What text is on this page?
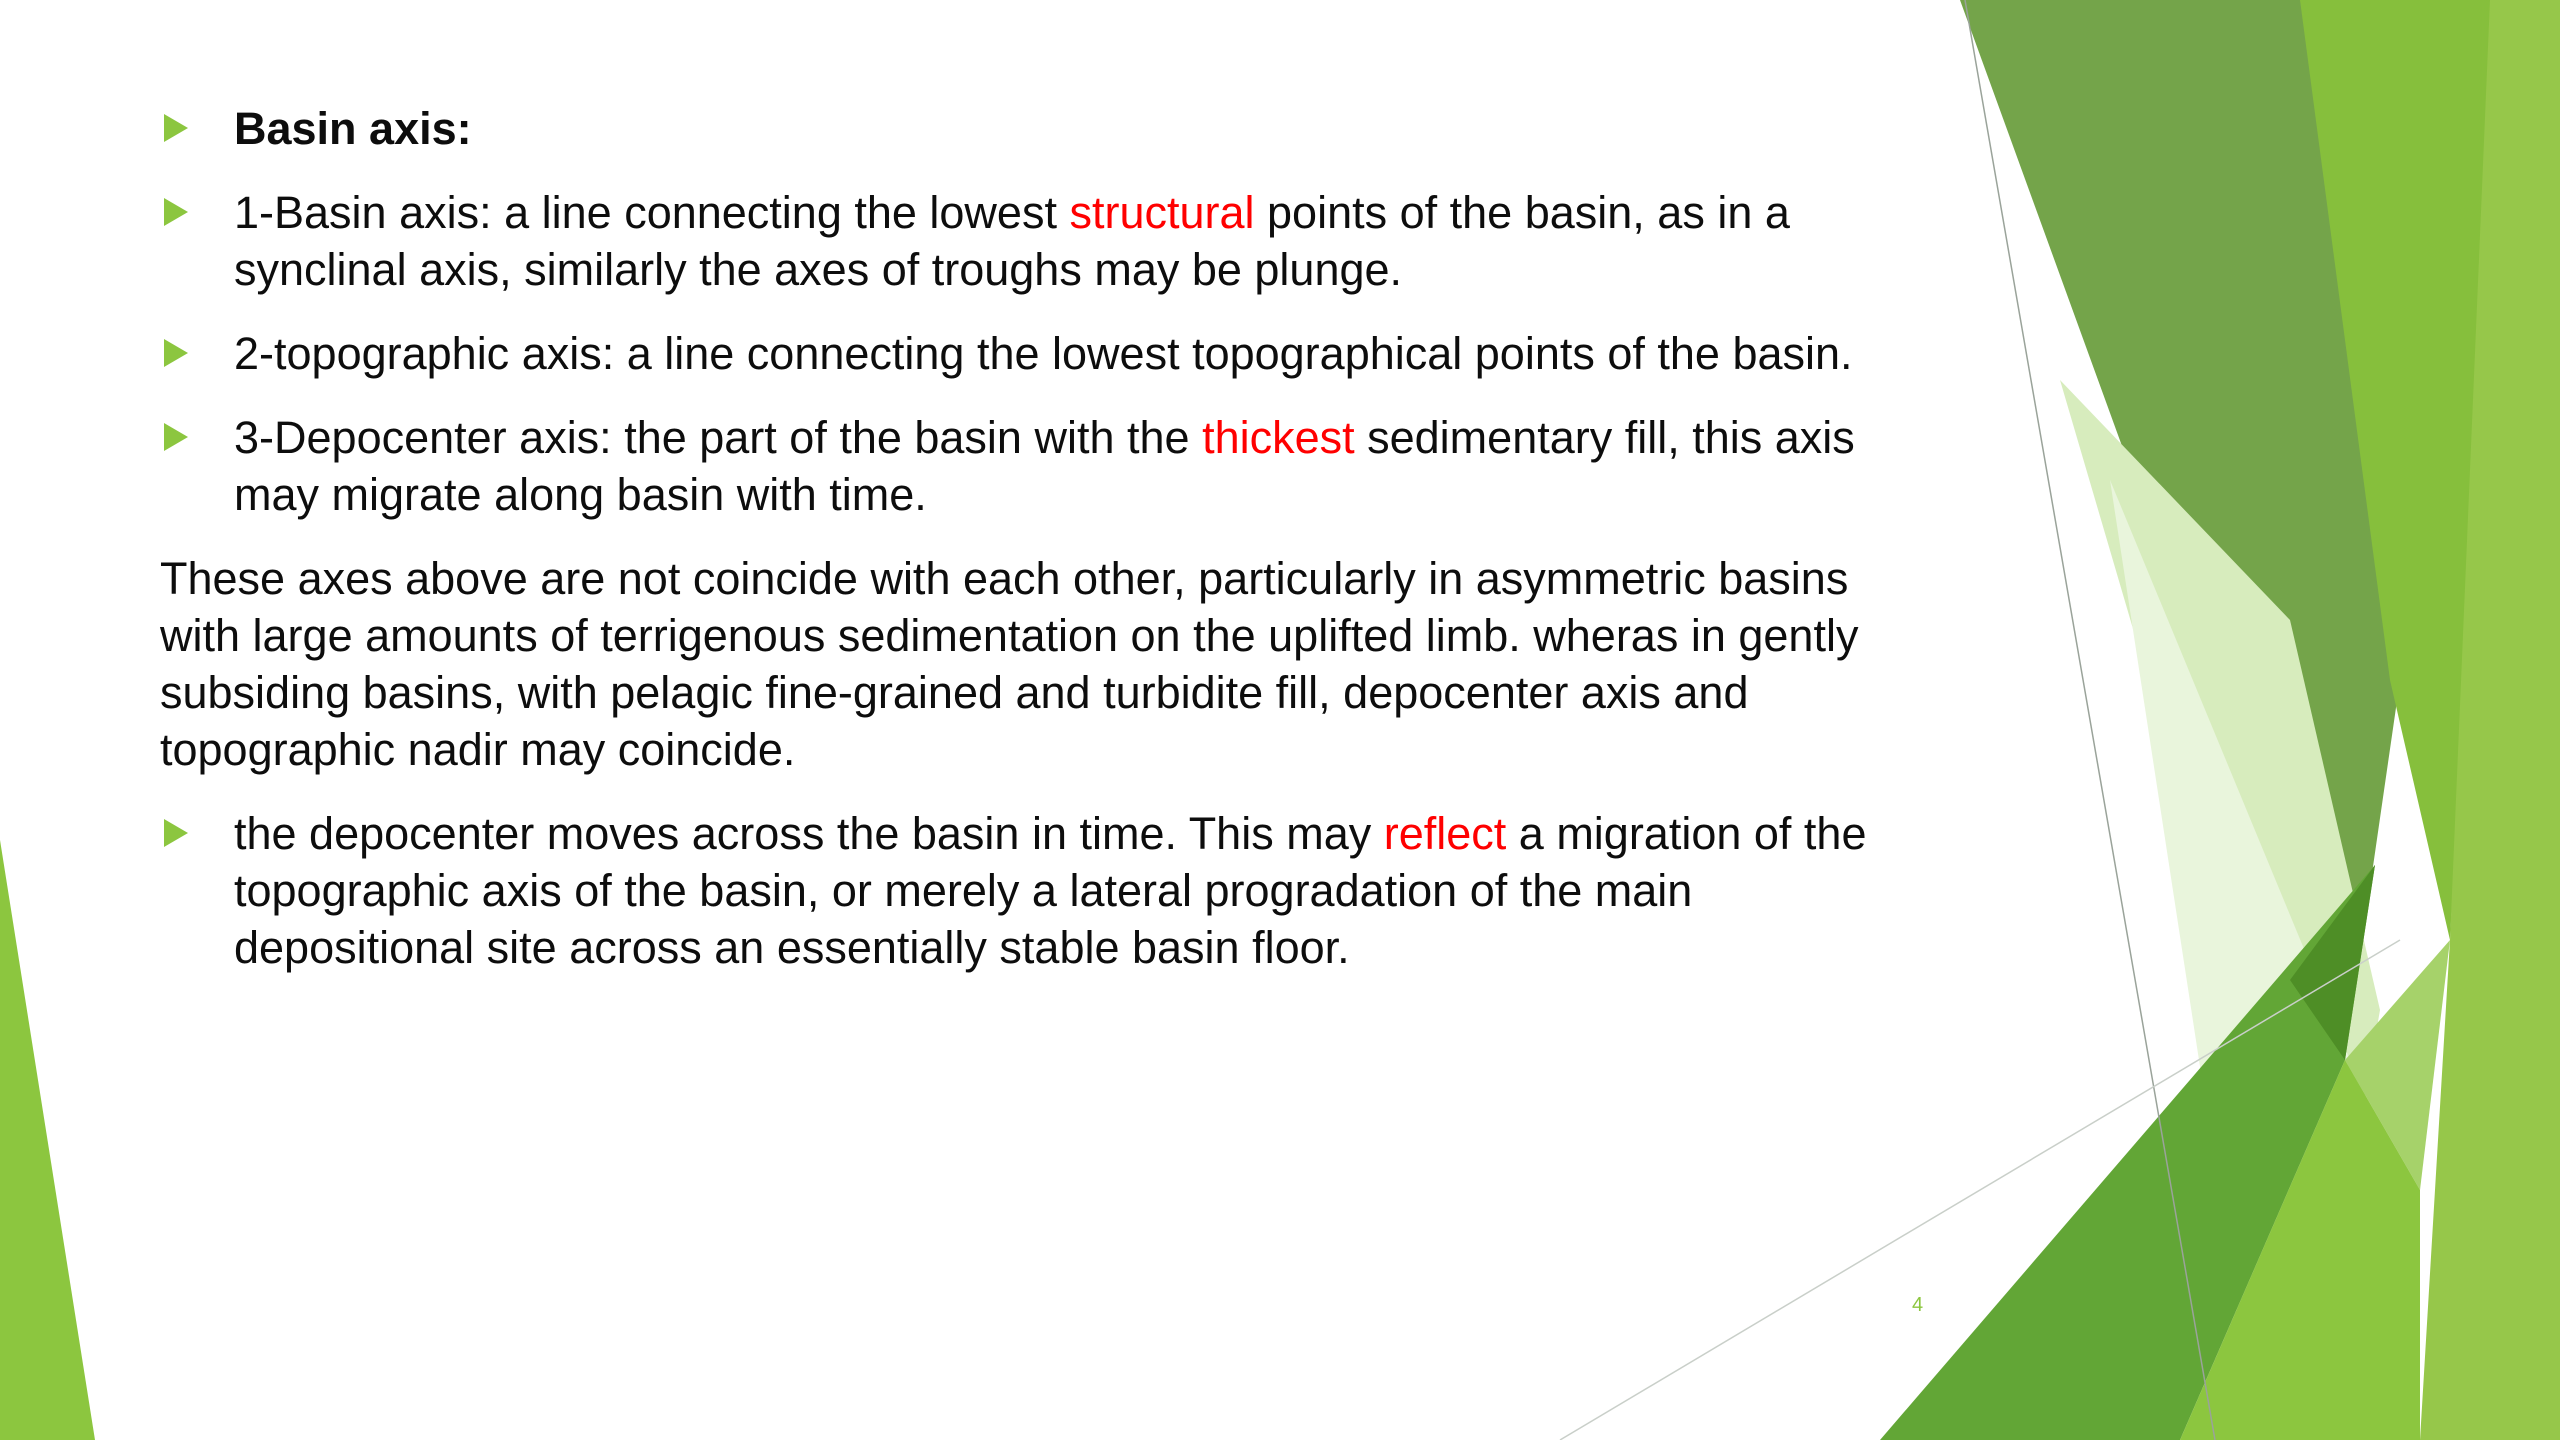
Basin axis:
1-Basin axis: a line connecting the lowest structural points of the basin, as in a synclinal axis, similarly the axes of troughs may be plunge.
2-topographic axis: a line connecting the lowest topographical points of the basin.
3-Depocenter axis: the part of the basin with the thickest sedimentary fill, this axis may migrate along basin with time.
These axes above are not coincide with each other, particularly in asymmetric basins with large amounts of terrigenous sedimentation on the uplifted limb. wheras in gently subsiding basins, with pelagic fine-grained and turbidite fill, depocenter axis and topographic nadir may coincide.
the depocenter moves across the basin in time. This may reflect a migration of the topographic axis of the basin, or merely a lateral progradation of the main depositional site across an essentially stable basin floor.
4
